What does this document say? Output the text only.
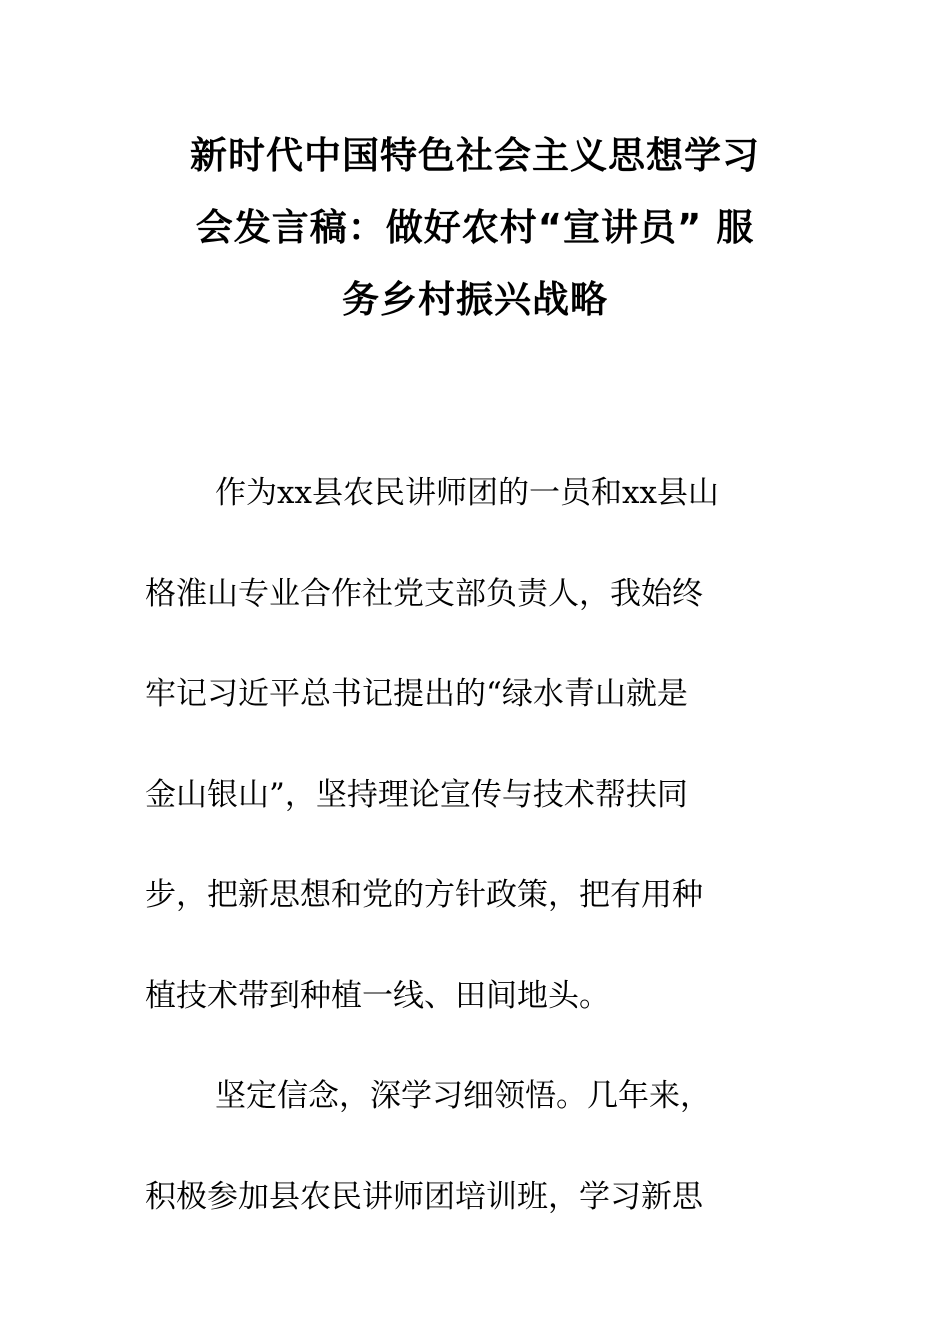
新时代中国特色社会主义思想学习
会发言稿：做好农村“宣讲员” 服
务乡村振兴战略
作为xx县农民讲师团的一员和xx县山
格淮山专业合作社党支部负责人，我始终
牢记习近平总书记提出的“绿水青山就是
金山银山”，坚持理论宣传与技术帮扶同
步，把新思想和党的方针政策，把有用种
植技术带到种植一线、田间地头。
坚定信念，深学习细领悟。几年来，
积极参加县农民讲师团培训班，学习新思
